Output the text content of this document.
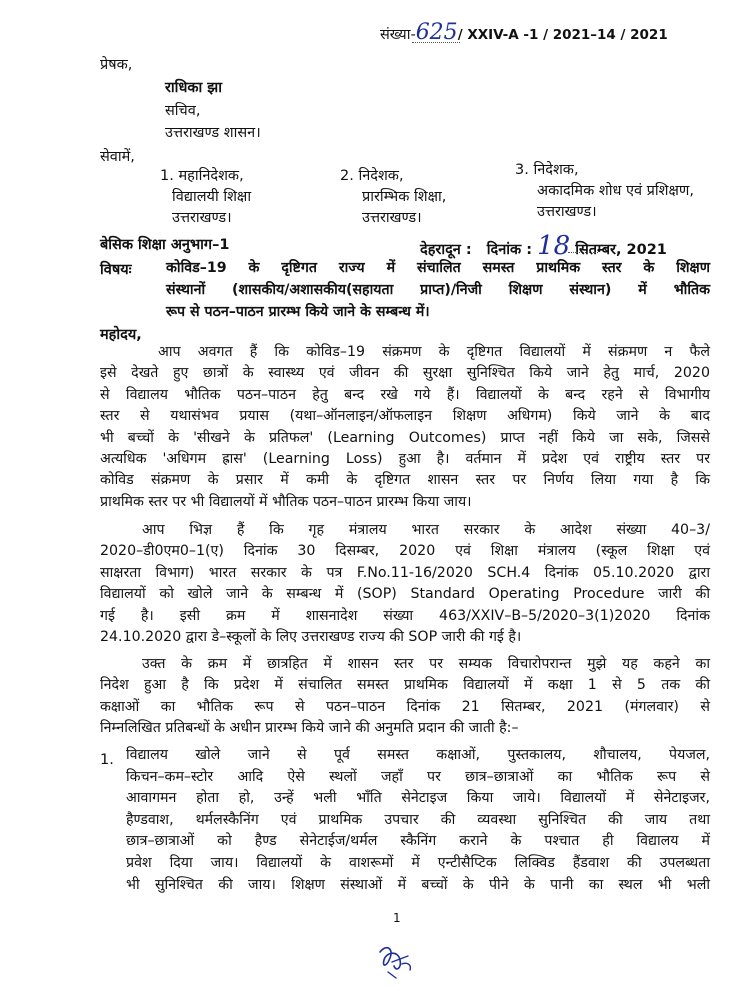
संख्या-625/ XXIV-A -1 / 2021–14 / 2021
प्रेषक,
राधिका झा
सचिव,
उत्तराखण्ड शासन।
सेवामें,
1. महानिदेशक,
विद्यालयी शिक्षा
उत्तराखण्ड।
2. निदेशक,
प्रारम्भिक शिक्षा,
उत्तराखण्ड।
3. निदेशक,
अकादमिक शोध एवं प्रशिक्षण,
उत्तराखण्ड।
बेसिक शिक्षा अनुभाग–1	देहरादून : दिनांक : 18 सितम्बर, 2021
विषयः कोविड–19 के दृष्टिगत राज्य में संचालित समस्त प्राथमिक स्तर के शिक्षण
संस्थानों (शासकीय/अशासकीय(सहायता प्राप्त)/निजी शिक्षण संस्थान) में भौतिक
रूप से पठन–पाठन प्रारम्भ किये जाने के सम्बन्ध में।

महोदय,

आप अवगत हैं कि कोविड–19 संक्रमण के दृष्टिगत विद्यालयों में संक्रमण न फैले
इसे देखते हुए छात्रों के स्वास्थ्य एवं जीवन की सुरक्षा सुनिश्चित किये जाने हेतु मार्च, 2020
से विद्यालय भौतिक पठन–पाठन हेतु बन्द रखे गये हैं। विद्यालयों के बन्द रहने से विभागीय
स्तर से यथासंभव प्रयास (यथा–ऑनलाइन/ऑफलाइन शिक्षण अधिगम) किये जाने के बाद
भी बच्चों के 'सीखने के प्रतिफल' (Learning Outcomes) प्राप्त नहीं किये जा सके, जिससे
अत्यधिक 'अधिगम ह्रास' (Learning Loss) हुआ है। वर्तमान में प्रदेश एवं राष्ट्रीय स्तर पर
कोविड संक्रमण के प्रसार में कमी के दृष्टिगत शासन स्तर पर निर्णय लिया गया है कि
प्राथमिक स्तर पर भी विद्यालयों में भौतिक पठन–पाठन प्रारम्भ किया जाय।

आप भिज्ञ हैं कि गृह मंत्रालय भारत सरकार के आदेश संख्या 40–3/
2020–डी0एम0–1(ए) दिनांक 30 दिसम्बर, 2020 एवं शिक्षा मंत्रालय (स्कूल शिक्षा एवं
साक्षरता विभाग) भारत सरकार के पत्र F.No.11-16/2020 SCH.4 दिनांक 05.10.2020 द्वारा
विद्यालयों को खोले जाने के सम्बन्ध में (SOP) Standard Operating Procedure जारी की
गई है। इसी क्रम में शासनादेश संख्या 463/XXIV–B–5/2020–3(1)2020 दिनांक
24.10.2020 द्वारा डे–स्कूलों के लिए उत्तराखण्ड राज्य की SOP जारी की गई है।

उक्त के क्रम में छात्रहित में शासन स्तर पर सम्यक विचारोपरान्त मुझे यह कहने का
निदेश हुआ है कि प्रदेश में संचालित समस्त प्राथमिक विद्यालयों में कक्षा 1 से 5 तक की
कक्षाओं का भौतिक रूप से पठन–पाठन दिनांक 21 सितम्बर, 2021 (मंगलवार) से
निम्नलिखित प्रतिबन्धों के अधीन प्रारम्भ किये जाने की अनुमति प्रदान की जाती है:–

1. विद्यालय खोले जाने से पूर्व समस्त कक्षाओं, पुस्तकालय, शौचालय, पेयजल,
किचन–कम–स्टोर आदि ऐसे स्थलों जहाँ पर छात्र–छात्राओं का भौतिक रूप से
आवागमन होता हो, उन्हें भली भाँति सेनेटाइज किया जाये। विद्यालयों में सेनेटाइजर,
हैण्डवाश, थर्मलस्कैनिंग एवं प्राथमिक उपचार की व्यवस्था सुनिश्चित की जाय तथा
छात्र–छात्राओं को हैण्ड सेनेटाईज/थर्मल स्कैनिंग कराने के पश्चात ही विद्यालय में
प्रवेश दिया जाय। विद्यालयों के वाशरूमों में एन्टीसैप्टिक लिक्विड हैंडवाश की उपलब्धता
भी सुनिश्चित की जाय। शिक्षण संस्थाओं में बच्चों के पीने के पानी का स्थल भी भली

1
